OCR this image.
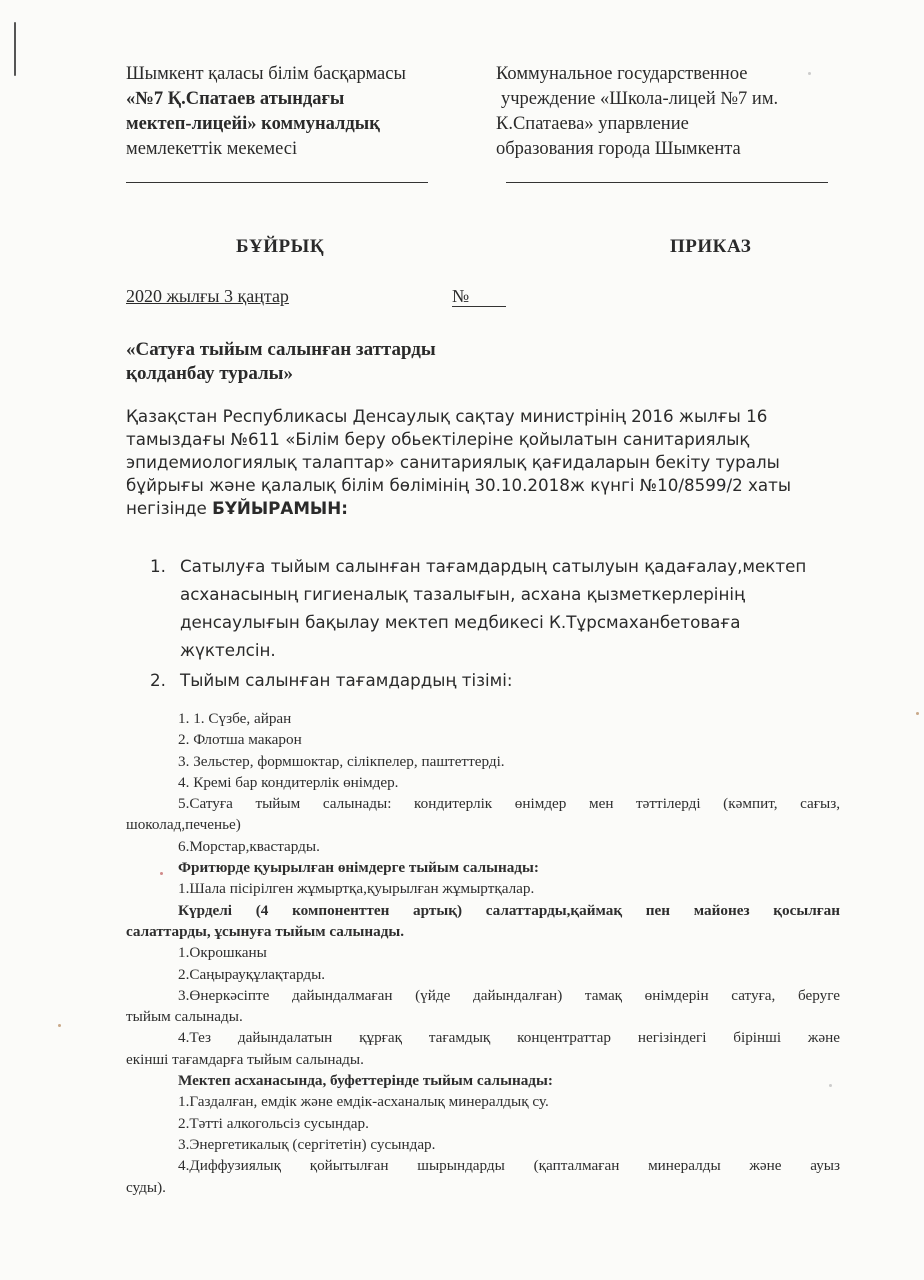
Шымкент қаласы білім басқармасы
«№7 Қ.Спатаев атындағы
мектеп-лицейі» коммуналдық
мемлекеттік мекемесі
Коммунальное государственное
учреждение «Школа-лицей №7 им.
К.Спатаева» упарвление
образования города Шымкента
БҰЙРЫҚ	ПРИКАЗ
2020 жылғы 3 қаңтар	№
«Сатуға тыйым салынған заттарды
қолданбау туралы»
Қазақстан Республикасы Денсаулық сақтау министрінің 2016 жылғы 16
тамыздағы №611 «Білім беру обьектілеріне қойылатын санитариялық
эпидемиологиялық талаптар» санитариялық қағидаларын бекіту туралы
бұйрығы және қалалық білім бөлімінің 30.10.2018ж күнгі №10/8599/2 хаты
негізінде БҰЙЫРАМЫН:
1. Сатылуға тыйым салынған тағамдардың сатылуын қадағалау,мектеп
асханасының гигиеналық тазалығын, асхана қызметкерлерінің
денсаулығын бақылау мектеп медбикесі К.Тұрсмаханбетоваға
жүктелсін.
2. Тыйым салынған тағамдардың тізімі:
1. 1. Сүзбе, айран
2. Флотша макарон
3. Зельстер, формшоктар, сілікпелер, пaштеттерді.
4. Кремі бар кондитерлік өнімдер.
5.Сатуға тыйым салынады: кондитерлік өнімдер мен тәттілерді (кәмпит, сағыз,
шоколад,печенье)
6.Морстар,квастарды.
Фритюрде қуырылған өнімдерге тыйым салынады:
1.Шала пісірілген жұмыртқа,қуырылған жұмыртқалар.
Күрделі (4 компоненттен артық) салаттарды,қаймақ пен майонез қосылған
салаттарды, ұсынуға тыйым салынады.
1.Окрошканы
2.Саңырауқұлақтарды.
3.Өнеркәсіпте дайындалмаған (үйде дайындалған) тамақ өнімдерін сатуға, беруге
тыйым салынады.
4.Тез дайындалатын құрғақ тағамдық концентраттар негізіндегі бірінші және
екінші тағамдарға тыйым салынады.
Мектеп асханасында, буфеттерінде тыйым салынады:
1.Газдалған, емдік және емдік-асханалық минералдық су.
2.Тәтті алкогольсіз сусындар.
3.Энергетикалық (сергітетін) сусындар.
4.Диффузиялық қойытылған шырындарды (қапталмаған минералды және ауыз
суды).
